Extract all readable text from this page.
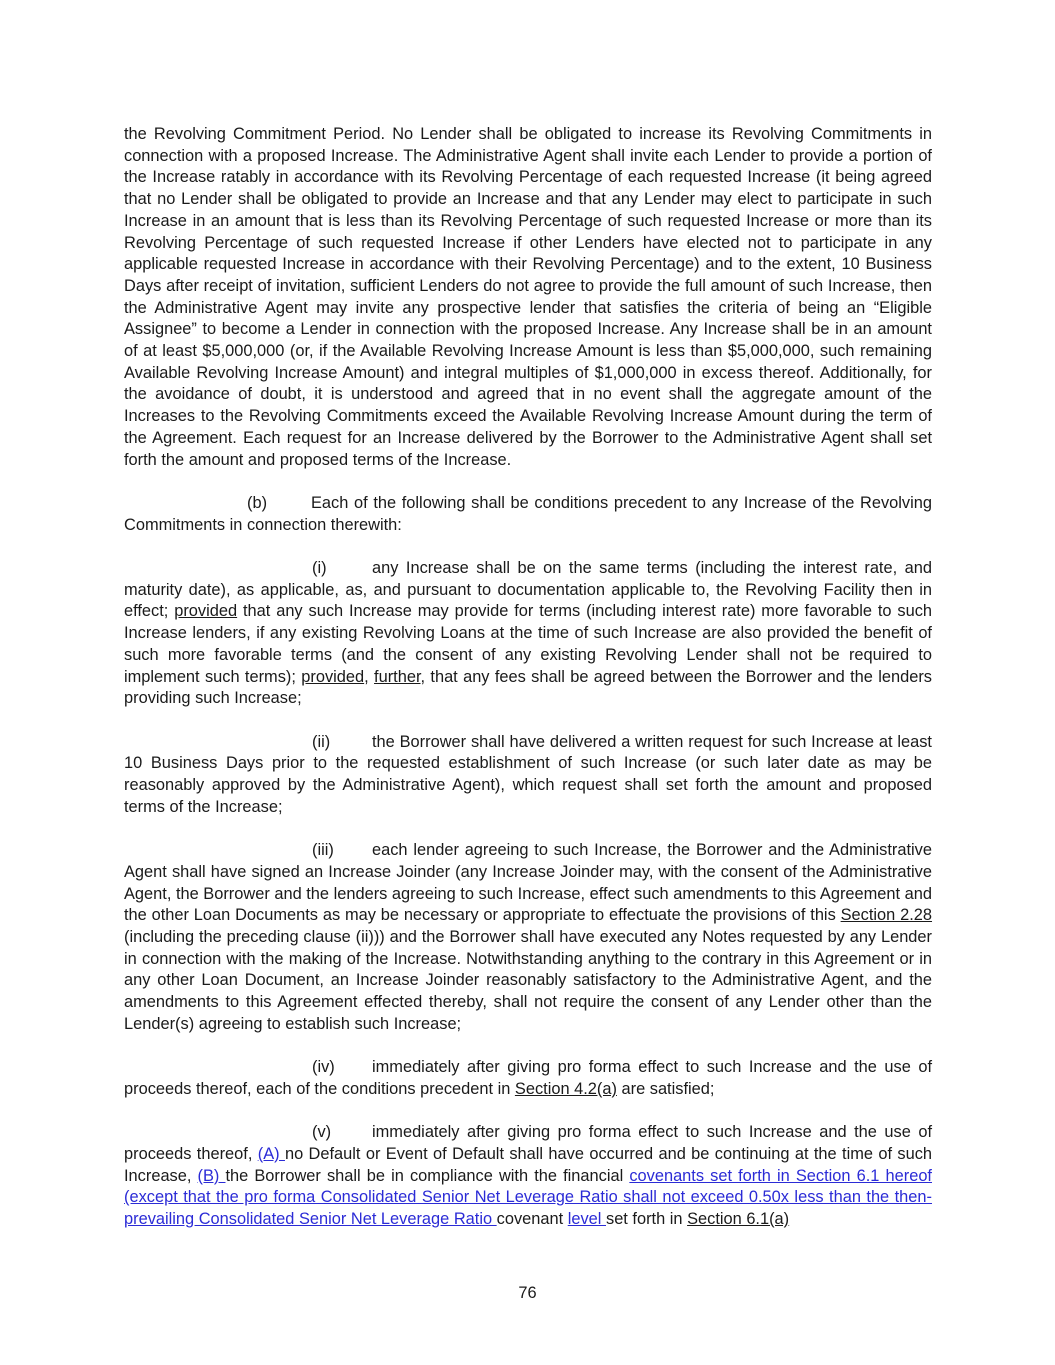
the Revolving Commitment Period. No Lender shall be obligated to increase its Revolving Commitments in connection with a proposed Increase. The Administrative Agent shall invite each Lender to provide a portion of the Increase ratably in accordance with its Revolving Percentage of each requested Increase (it being agreed that no Lender shall be obligated to provide an Increase and that any Lender may elect to participate in such Increase in an amount that is less than its Revolving Percentage of such requested Increase or more than its Revolving Percentage of such requested Increase if other Lenders have elected not to participate in any applicable requested Increase in accordance with their Revolving Percentage) and to the extent, 10 Business Days after receipt of invitation, sufficient Lenders do not agree to provide the full amount of such Increase, then the Administrative Agent may invite any prospective lender that satisfies the criteria of being an “Eligible Assignee” to become a Lender in connection with the proposed Increase. Any Increase shall be in an amount of at least $5,000,000 (or, if the Available Revolving Increase Amount is less than $5,000,000, such remaining Available Revolving Increase Amount) and integral multiples of $1,000,000 in excess thereof. Additionally, for the avoidance of doubt, it is understood and agreed that in no event shall the aggregate amount of the Increases to the Revolving Commitments exceed the Available Revolving Increase Amount during the term of the Agreement. Each request for an Increase delivered by the Borrower to the Administrative Agent shall set forth the amount and proposed terms of the Increase.

(b)	Each of the following shall be conditions precedent to any Increase of the Revolving Commitments in connection therewith:

(i)	any Increase shall be on the same terms (including the interest rate, and maturity date), as applicable, as, and pursuant to documentation applicable to, the Revolving Facility then in effect; provided that any such Increase may provide for terms (including interest rate) more favorable to such Increase lenders, if any existing Revolving Loans at the time of such Increase are also provided the benefit of such more favorable terms (and the consent of any existing Revolving Lender shall not be required to implement such terms); provided, further, that any fees shall be agreed between the Borrower and the lenders providing such Increase;

(ii)	the Borrower shall have delivered a written request for such Increase at least 10 Business Days prior to the requested establishment of such Increase (or such later date as may be reasonably approved by the Administrative Agent), which request shall set forth the amount and proposed terms of the Increase;

(iii) each lender agreeing to such Increase, the Borrower and the Administrative Agent shall have signed an Increase Joinder (any Increase Joinder may, with the consent of the Administrative Agent, the Borrower and the lenders agreeing to such Increase, effect such amendments to this Agreement and the other Loan Documents as may be necessary or appropriate to effectuate the provisions of this Section 2.28 (including the preceding clause (ii))) and the Borrower shall have executed any Notes requested by any Lender in connection with the making of the Increase. Notwithstanding anything to the contrary in this Agreement or in any other Loan Document, an Increase Joinder reasonably satisfactory to the Administrative Agent, and the amendments to this Agreement effected thereby, shall not require the consent of any Lender other than the Lender(s) agreeing to establish such Increase;

(iv) immediately after giving pro forma effect to such Increase and the use of proceeds thereof, each of the conditions precedent in Section 4.2(a) are satisfied;

(v) immediately after giving pro forma effect to such Increase and the use of proceeds thereof, (A) no Default or Event of Default shall have occurred and be continuing at the time of such Increase, (B) the Borrower shall be in compliance with the financial covenants set forth in Section 6.1 hereof (except that the pro forma Consolidated Senior Net Leverage Ratio shall not exceed 0.50x less than the then-prevailing Consolidated Senior Net Leverage Ratio covenant level set forth in Section 6.1(a)

76
